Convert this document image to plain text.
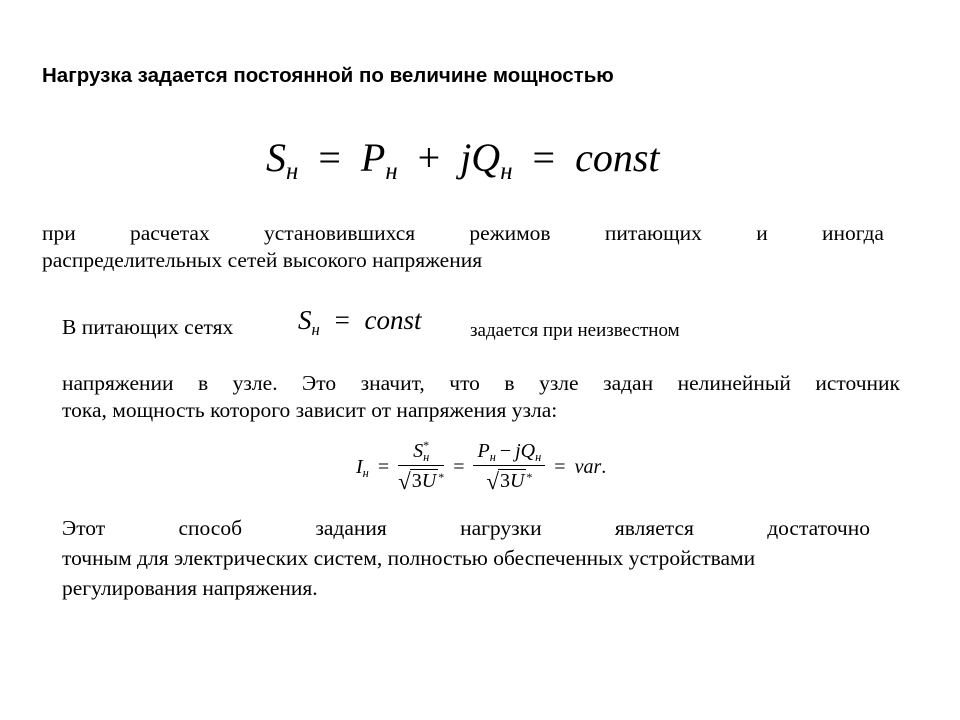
Нагрузка задается постоянной по величине мощностью
$S_н = P_н + jQ_н$ = const
при	расчетах	установившихся	режимов	питающих	и	иногда
распределительных сетей высокого напряжения
В питающих сетях $S_н$ = const	задается при неизвестном
напряжении в узле. Это значит, что в узле задан нелинейный источник
тока, мощность которого зависит от напряжения узла:
$I_н = \frac{S^*_н}{√ 3U ^*} = \frac{P_н - jQ_н}{√ 3U ^*}$ = var .
Этот	способ	задания	нагрузки	является	достаточно
точным для электрических систем, полностью обеспеченных устройствами
регулирования напряжения.
